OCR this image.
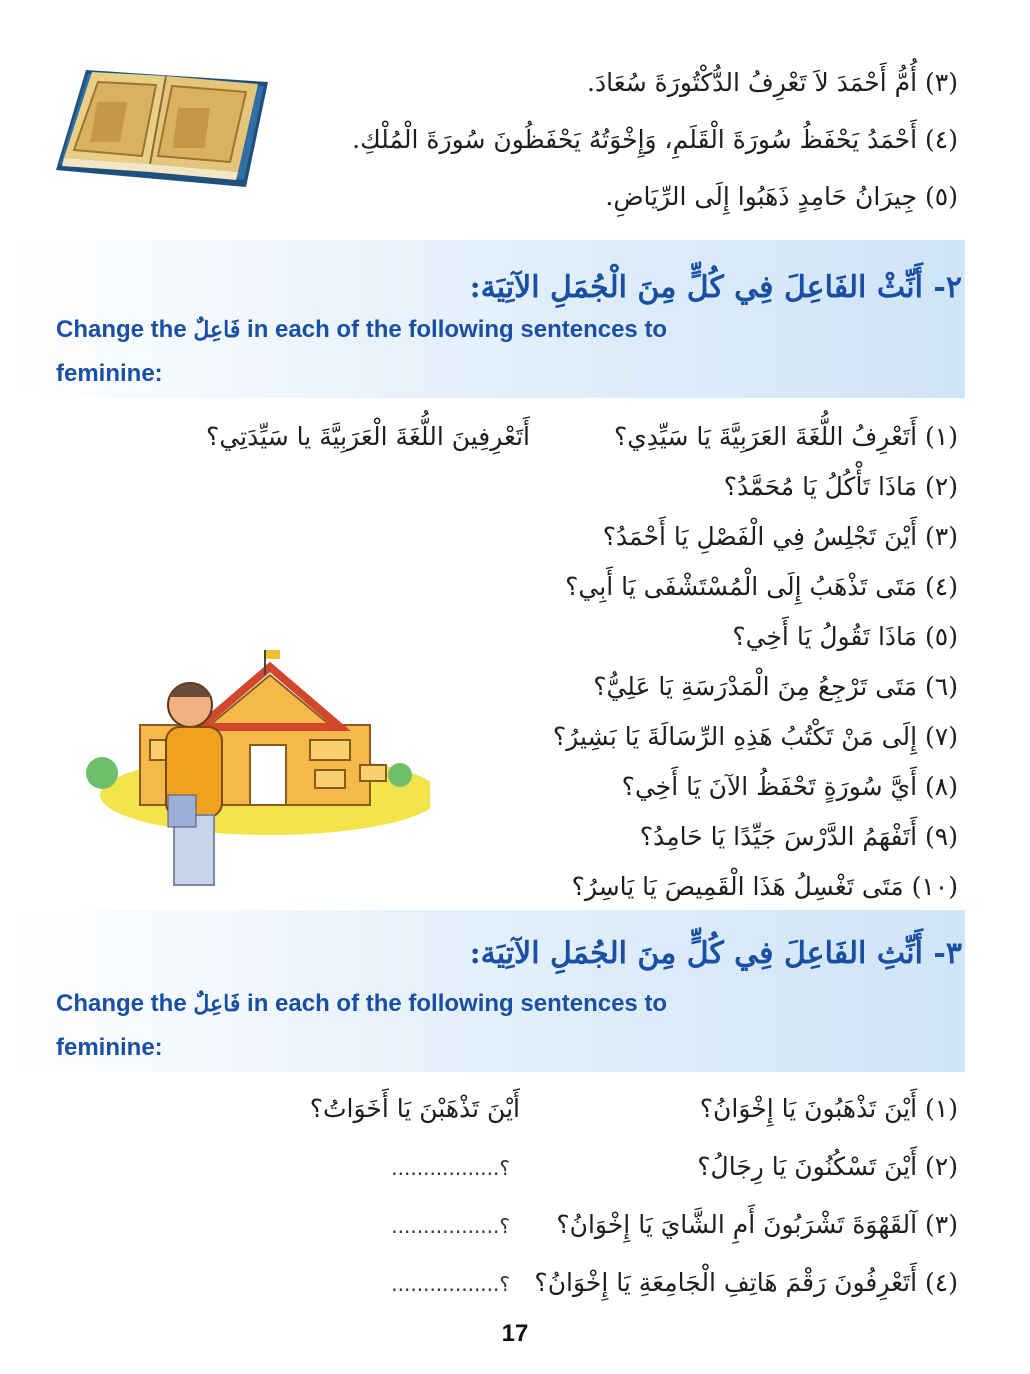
(٣) أُمُّ أَحْمَدَ لاَ تَعْرِفُ الدُّكْتُورَةَ سُعَادَ.
(٤) أَحْمَدُ يَحْفَظُ سُورَةَ الْقَلَمِ، وَإِخْوَتُهُ يَحْفَظُونَ سُورَةَ الْمُلْكِ.
(٥) جِيرَانُ حَامِدٍ ذَهَبُوا إِلَى الرِّيَاضِ.
٢- أَنِّثْ الفَاعِلَ فِي كُلٍّ مِنَ الْجُمَلِ الآتِيَة:
Change the فَاعِلٌ in each of the following sentences to
feminine:
أَتَعْرِفِينَ اللُّغَةَ الْعَرَبِيَّةَ يا سَيِّدَتِي؟	(١) أَتَعْرِفُ اللُّغَةَ العَرَبِيَّةَ يَا سَيِّدِي؟
(٢) مَاذَا تَأْكُلُ يَا مُحَمَّدُ؟
(٣) أَيْنَ تَجْلِسُ فِي الْفَصْلِ يَا أَحْمَدُ؟
(٤) مَتَى تَذْهَبُ إِلَى الْمُسْتَشْفَى يَا أَبِي؟
(٥) مَاذَا تَقُولُ يَا أَخِي؟
(٦) مَتَى تَرْجِعُ مِنَ الْمَدْرَسَةِ يَا عَلِيُّ؟
(٧) إِلَى مَنْ تَكْتُبُ هَذِهِ الرِّسَالَةَ يَا بَشِيرُ؟
(٨) أَيَّ سُورَةٍ تَحْفَظُ الآنَ يَا أَخِي؟
(٩) أَتَفْهَمُ الدَّرْسَ جَيِّدًا يَا حَامِدُ؟
(١٠) مَتَى تَغْسِلُ هَذَا الْقَمِيصَ يَا يَاسِرُ؟
٣- أَنِّثِ الفَاعِلَ فِي كُلٍّ مِنَ الجُمَلِ الآتِيَة:
Change the فَاعِلٌ in each of the following sentences to
feminine:
(١) أَيْنَ تَذْهَبُونَ يَا إِخْوَانُ؟
أَيْنَ تَذْهَبْنَ يَا أَخَوَاتُ؟
(٢) أَيْنَ تَسْكُنُونَ يَا رِجَالُ؟
؟.................
(٣) آلقَهْوَةَ تَشْرَبُونَ أَمِ الشَّايَ يَا إِخْوَانُ؟
؟.................
(٤) أَتَعْرِفُونَ رَقْمَ هَاتِفِ الْجَامِعَةِ يَا إِخْوَانُ؟
؟.................
17
